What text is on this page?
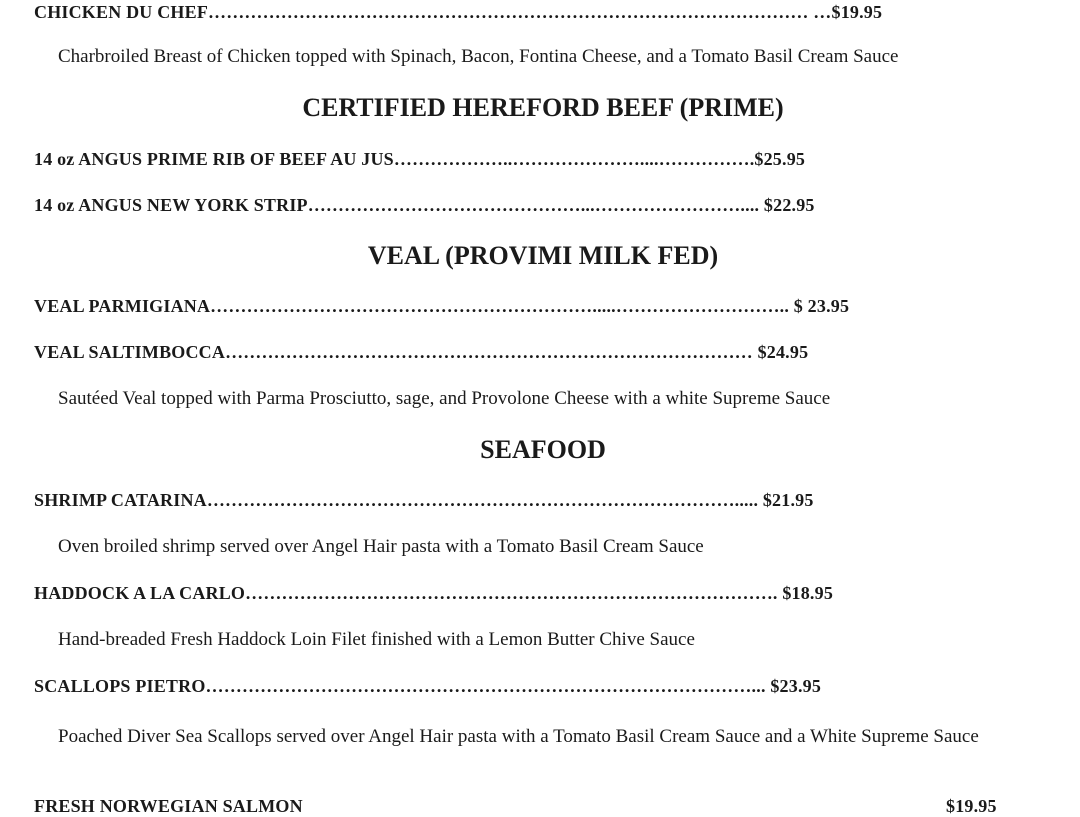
CHICKEN DU CHEF……………………………………………………………………………………… …$19.95
Charbroiled Breast of Chicken topped with Spinach, Bacon, Fontina Cheese, and a Tomato Basil Cream Sauce
CERTIFIED HEREFORD BEEF (PRIME)
14 oz ANGUS PRIME RIB OF BEEF AU JUS………………..…………………....…………….$25.95
14 oz ANGUS NEW YORK STRIP………………………………………...…………………….... $22.95
VEAL (PROVIMI MILK FED)
VEAL PARMIGIANA……………………………………………………….....……………………….. $ 23.95
VEAL SALTIMBOCCA…………………………………………………………………………… $24.95
Sautéed Veal topped with Parma Prosciutto, sage, and Provolone Cheese with a white Supreme Sauce
SEAFOOD
SHRIMP CATARINA……………………………………………………………………………..... $21.95
Oven broiled shrimp served over Angel Hair pasta with a Tomato Basil Cream Sauce
HADDOCK A LA CARLO……………………………………………………………………………. $18.95
Hand-breaded Fresh Haddock Loin Filet finished with a Lemon Butter Chive Sauce
SCALLOPS PIETRO………………………………………………………………………………... $23.95
Poached Diver Sea Scallops served over Angel Hair pasta with a Tomato Basil Cream Sauce and a White Supreme Sauce
FRESH NORWEGIAN SALMON	$19.95
